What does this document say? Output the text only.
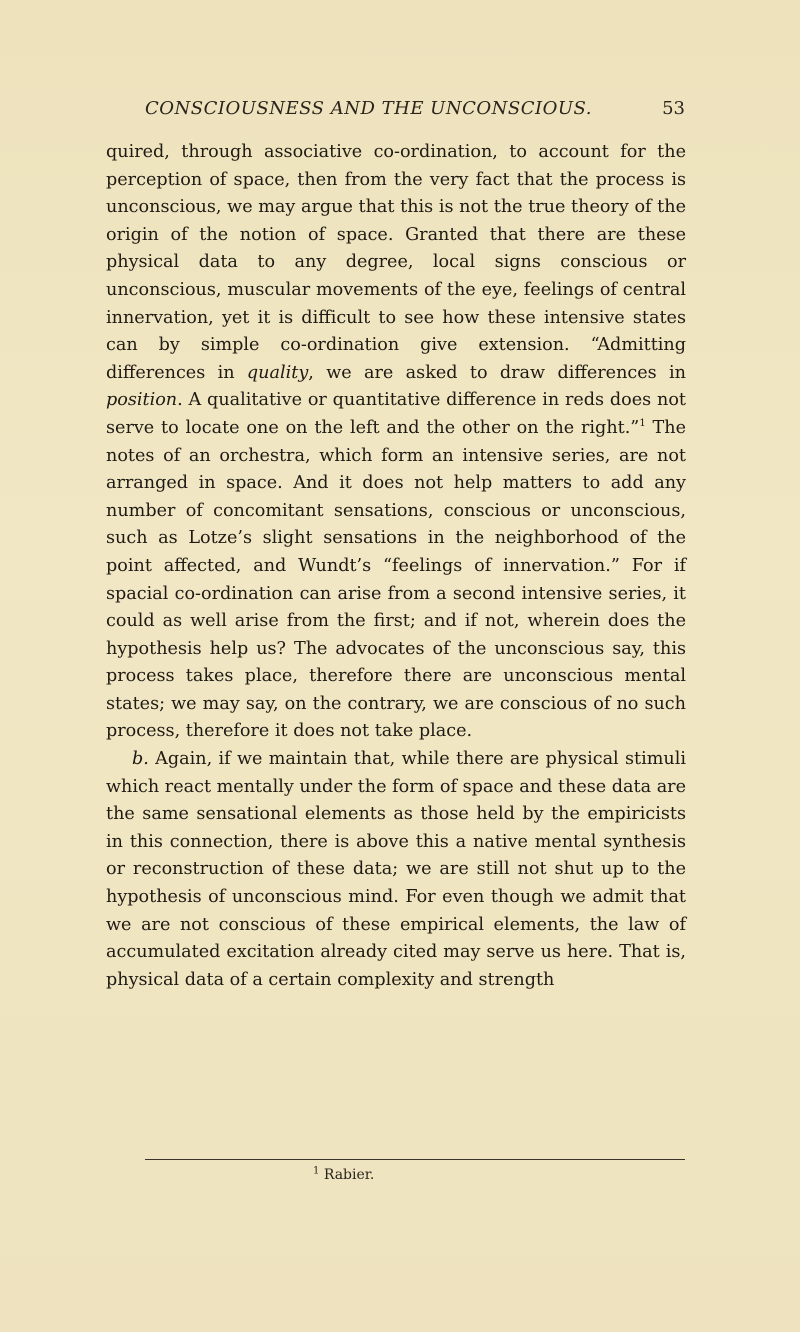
CONSCIOUSNESS AND THE UNCONSCIOUS.	53

quired, through associative co-ordination, to account for the perception of space, then from the very fact that the process is unconscious, we may argue that this is not the true theory of the origin of the notion of space. Granted that there are these physical data to any degree, local signs conscious or unconscious, muscular movements of the eye, feelings of central innervation, yet it is difficult to see how these intensive states can by simple co-ordination give extension. “Admitting differences in quality, we are asked to draw differences in position. A qualitative or quantitative difference in reds does not serve to locate one on the left and the other on the right.”$^1$ The notes of an orchestra, which form an intensive series, are not arranged in space. And it does not help matters to add any number of concomitant sensations, conscious or unconscious, such as Lotze’s slight sensations in the neighborhood of the point affected, and Wundt’s “feelings of innervation.” For if spacial co-ordination can arise from a second intensive series, it could as well arise from the first; and if not, wherein does the hypothesis help us? The advocates of the unconscious say, this process takes place, therefore there are unconscious mental states; we may say, on the contrary, we are conscious of no such process, therefore it does not take place.

b. Again, if we maintain that, while there are physical stimuli which react mentally under the form of space and these data are the same sensational elements as those held by the empiricists in this connection, there is above this a native mental synthesis or reconstruction of these data; we are still not shut up to the hypothesis of unconscious mind. For even though we admit that we are not conscious of these empirical elements, the law of accumulated excitation already cited may serve us here. That is, physical data of a certain complexity and strength

$^1$ Rabier.
